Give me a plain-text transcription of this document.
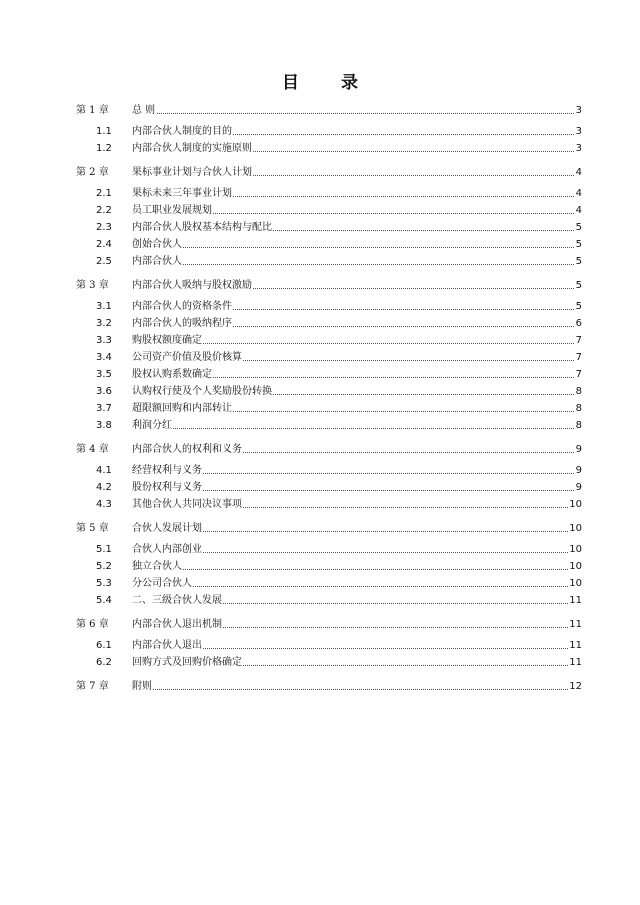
目 录
第 1 章 总 则	3
1.1 内部合伙人制度的目的	3
1.2 内部合伙人制度的实施原则	3
第 2 章 果标事业计划与合伙人计划	4
2.1 果标未来三年事业计划	4
2.2 员工职业发展规划	4
2.3 内部合伙人股权基本结构与配比	5
2.4 创始合伙人	5
2.5 内部合伙人	5
第 3 章 内部合伙人吸纳与股权激励	5
3.1 内部合伙人的资格条件	5
3.2 内部合伙人的吸纳程序	6
3.3 购股权额度确定	7
3.4 公司资产价值及股价核算	7
3.5 股权认购系数确定	7
3.6 认购权行使及个人奖励股份转换	8
3.7 超限额回购和内部转让	8
3.8 利润分红	8
第 4 章 内部合伙人的权利和义务	9
4.1 经营权利与义务	9
4.2 股份权利与义务	9
4.3 其他合伙人共同决议事项	10
第 5 章 合伙人发展计划	10
5.1 合伙人内部创业	10
5.2 独立合伙人	10
5.3 分公司合伙人	10
5.4 二、三级合伙人发展	11
第 6 章 内部合伙人退出机制	11
6.1 内部合伙人退出	11
6.2 回购方式及回购价格确定	11
第 7 章 附则	12
